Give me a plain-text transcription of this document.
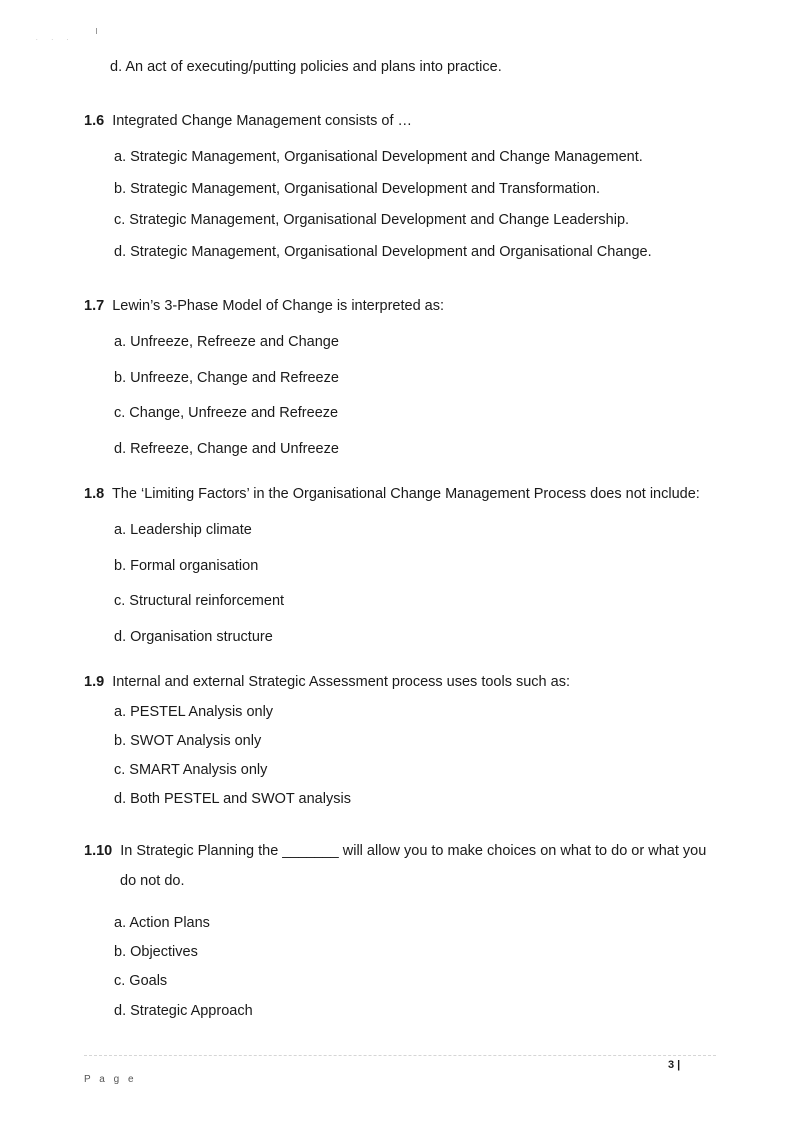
. . .
d. An act of executing/putting policies and plans into practice.
1.6 Integrated Change Management consists of …
a. Strategic Management, Organisational Development and Change Management.
b. Strategic Management, Organisational Development and Transformation.
c. Strategic Management, Organisational Development and Change Leadership.
d. Strategic Management, Organisational Development and Organisational Change.
1.7 Lewin’s 3-Phase Model of Change is interpreted as:
a. Unfreeze, Refreeze and Change
b. Unfreeze, Change and Refreeze
c. Change, Unfreeze and Refreeze
d. Refreeze, Change and Unfreeze
1.8 The ‘Limiting Factors’ in the Organisational Change Management Process does not include:
a. Leadership climate
b. Formal organisation
c. Structural reinforcement
d. Organisation structure
1.9 Internal and external Strategic Assessment process uses tools such as:
a. PESTEL Analysis only
b. SWOT Analysis only
c. SMART Analysis only
d. Both PESTEL and SWOT analysis
1.10 In Strategic Planning the _______ will allow you to make choices on what to do or what you
do not do.
a. Action Plans
b. Objectives
c. Goals
d. Strategic Approach
3 |
P a g e
